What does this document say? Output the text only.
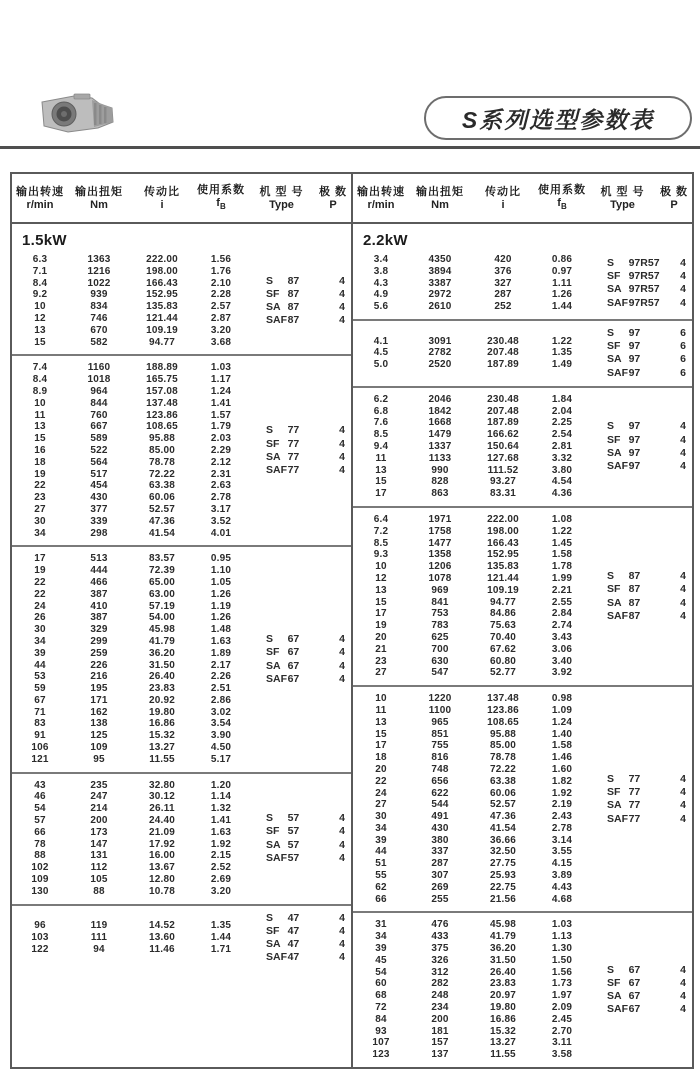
S系列选型参数表
输出转速
r/min
输出扭矩
Nm
传动比
i
使用系数
$f_B$
机 型 号
Type
极 数
P
1.5kW
6.3	1363	222.00	1.56
7.1	1216	198.00	1.76
8.4	1022	166.43	2.10
9.2	939	152.95	2.28
10	834	135.83	2.57
12	746	121.44	2.87
13	670	109.19	3.20
15	582	94.77	3.68
S 87	4
SF 87	4
SA 87	4
SAF87	4
7.4	1160	188.89	1.03
8.4	1018	165.75	1.17
8.9	964	157.08	1.24
10	844	137.48	1.41
11	760	123.86	1.57
13	667	108.65	1.79
15	589	95.88	2.03
16	522	85.00	2.29
18	564	78.78	2.12
19	517	72.22	2.31
22	454	63.38	2.63
23	430	60.06	2.78
27	377	52.57	3.17
30	339	47.36	3.52
34	298	41.54	4.01
S 77	4
SF 77	4
SA 77	4
SAF77	4
17	513	83.57	0.95
19	444	72.39	1.10
22	466	65.00	1.05
22	387	63.00	1.26
24	410	57.19	1.19
26	387	54.00	1.26
30	329	45.98	1.48
34	299	41.79	1.63
39	259	36.20	1.89
44	226	31.50	2.17
53	216	26.40	2.26
59	195	23.83	2.51
67	171	20.92	2.86
71	162	19.80	3.02
83	138	16.86	3.54
91	125	15.32	3.90
106	109	13.27	4.50
121	95	11.55	5.17
S 67	4
SF 67	4
SA 67	4
SAF67	4
43	235	32.80	1.20
46	247	30.12	1.14
54	214	26.11	1.32
57	200	24.40	1.41
66	173	21.09	1.63
78	147	17.92	1.92
88	131	16.00	2.15
102	112	13.67	2.52
109	105	12.80	2.69
130	88	10.78	3.20
S 57	4
SF 57	4
SA 57	4
SAF57	4
96	119	14.52	1.35
103	111	13.60	1.44
122	94	11.46	1.71
S 47	4
SF 47	4
SA 47	4
SAF47	4
输出转速
r/min
输出扭矩
Nm
传动比
i
使用系数
$f_B$
机 型 号
Type
极 数
P
2.2kW
3.4	4350	420	0.86
3.8	3894	376	0.97
4.3	3387	327	1.11
4.9	2972	287	1.26
5.6	2610	252	1.44
S 97R57	4
SF 97R57	4
SA 97R57	4
SAF97R57	4
4.1	3091	230.48	1.22
4.5	2782	207.48	1.35
5.0	2520	187.89	1.49
S 97	6
SF 97	6
SA 97	6
SAF97	6
6.2	2046	230.48	1.84
6.8	1842	207.48	2.04
7.6	1668	187.89	2.25
8.5	1479	166.62	2.54
9.4	1337	150.64	2.81
11	1133	127.68	3.32
13	990	111.52	3.80
15	828	93.27	4.54
17	863	83.31	4.36
S 97	4
SF 97	4
SA 97	4
SAF97	4
6.4	1971	222.00	1.08
7.2	1758	198.00	1.22
8.5	1477	166.43	1.45
9.3	1358	152.95	1.58
10	1206	135.83	1.78
12	1078	121.44	1.99
13	969	109.19	2.21
15	841	94.77	2.55
17	753	84.86	2.84
19	783	75.63	2.74
20	625	70.40	3.43
21	700	67.62	3.06
23	630	60.80	3.40
27	547	52.77	3.92
S 87	4
SF 87	4
SA 87	4
SAF87	4
10	1220	137.48	0.98
11	1100	123.86	1.09
13	965	108.65	1.24
15	851	95.88	1.40
17	755	85.00	1.58
18	816	78.78	1.46
20	748	72.22	1.60
22	656	63.38	1.82
24	622	60.06	1.92
27	544	52.57	2.19
30	491	47.36	2.43
34	430	41.54	2.78
39	380	36.66	3.14
44	337	32.50	3.55
51	287	27.75	4.15
55	307	25.93	3.89
62	269	22.75	4.43
66	255	21.56	4.68
S 77	4
SF 77	4
SA 77	4
SAF77	4
31	476	45.98	1.03
34	433	41.79	1.13
39	375	36.20	1.30
45	326	31.50	1.50
54	312	26.40	1.56
60	282	23.83	1.73
68	248	20.97	1.97
72	234	19.80	2.09
84	200	16.86	2.45
93	181	15.32	2.70
107	157	13.27	3.11
123	137	11.55	3.58
S 67	4
SF 67	4
SA 67	4
SAF67	4
